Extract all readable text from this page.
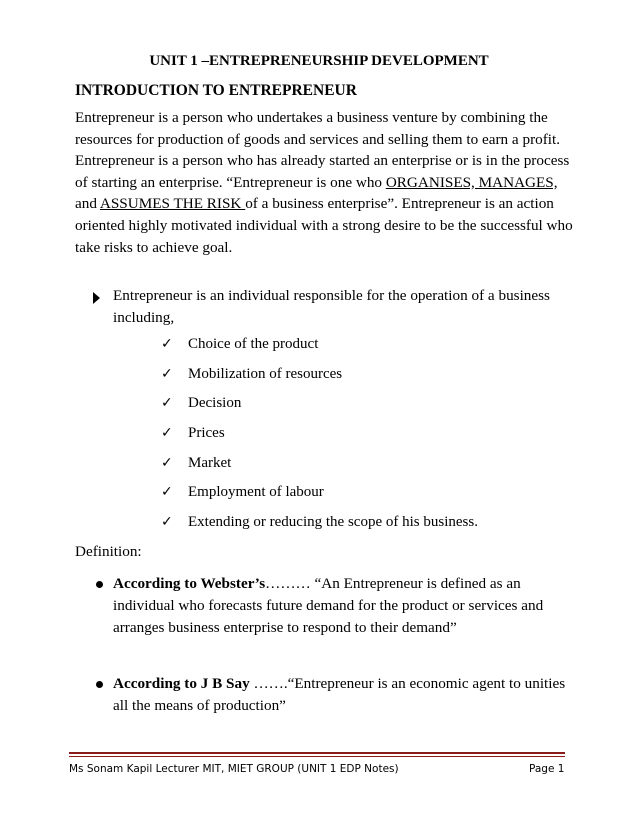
UNIT 1 –ENTREPRENEURSHIP DEVELOPMENT
INTRODUCTION TO ENTREPRENEUR

Entrepreneur is a person who undertakes a business venture by combining the

resources for production of goods and services and selling them to earn a profit.

Entrepreneur is a person who has already started an enterprise or is in the process

of starting an enterprise. “Entrepreneur is one who ORGANISES, MANAGES,

and ASSUMES THE RISK of a business enterprise”. Entrepreneur is an action

oriented highly motivated individual with a strong desire to be the successful who

take risks to achieve goal.

Entrepreneur is an individual responsible for the operation of a business

including,

✓ Choice of the product
✓ Mobilization of resources
✓ Decision
✓ Prices
✓ Market
✓ Employment of labour
✓ Extending or reducing the scope of his business.
Definition:

According to Webster’s……… “An Entrepreneur is defined as an

individual who forecasts future demand for the product or services and

arranges business enterprise to respond to their demand”

According to J B Say …….“Entrepreneur is an economic agent to unities

all the means of production”

Ms Sonam Kapil Lecturer MIT, MIET GROUP (UNIT 1 EDP Notes)	Page 1
